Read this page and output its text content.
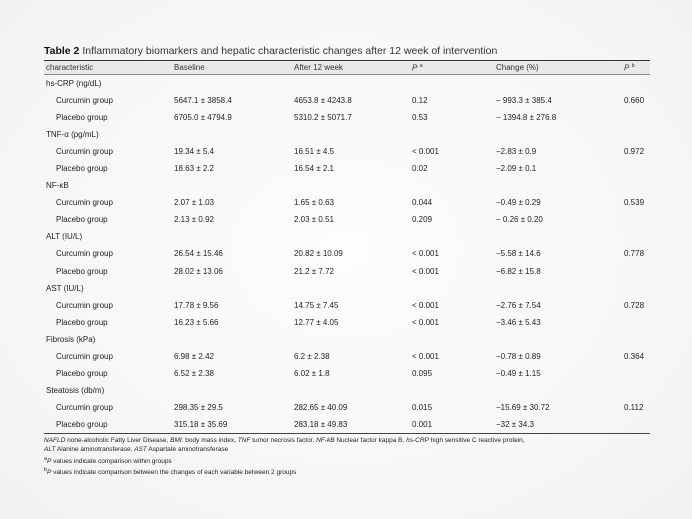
Table 2 Inflammatory biomarkers and hepatic characteristic changes after 12 week of intervention
characteristic	Baseline	After 12 week	P $^a$	Change (%)	P $^b$
hs-CRP (ng/dL)					
Curcumin group	5647.1 ± 3858.4	4653.8 ± 4243.8	0.12	− 993.3 ± 385.4	0.660
Placebo group	6705.0 ± 4794.9	5310.2 ± 5071.7	0.53	− 1394.8 ± 276.8	
TNF-α (pg/mL)					
Curcumin group	19.34 ± 5.4	16.51 ± 4.5	< 0.001	−2.83 ± 0.9	0.972
Placebo group	18.63 ± 2.2	16.54 ± 2.1	0.02	−2.09 ± 0.1	
NF-κB					
Curcumin group	2.07 ± 1.03	1.65 ± 0.63	0.044	−0.49 ± 0.29	0.539
Placebo group	2.13 ± 0.92	2.03 ± 0.51	0.209	− 0.26 ± 0.20	
ALT (IU/L)					
Curcumin group	26.54 ± 15.46	20.82 ± 10.09	< 0.001	−5.58 ± 14.6	0.778
Placebo group	28.02 ± 13.06	21.2 ± 7.72	< 0.001	−6.82 ± 15.8	
AST (IU/L)					
Curcumin group	17.78 ± 9.56	14.75 ± 7.45	< 0.001	−2.76 ± 7.54	0.728
Placebo group	16.23 ± 5.66	12.77 ± 4.05	< 0.001	−3.46 ± 5.43	
Fibrosis (kPa)					
Curcumin group	6.98 ± 2.42	6.2 ± 2.38	< 0.001	−0.78 ± 0.89	0.364
Placebo group	6.52 ± 2.38	6.02 ± 1.8	0.095	−0.49 ± 1.15	
Steatosis (db/m)					
Curcumin group	298.35 ± 29.5	282.65 ± 40.09	0.015	−15.69 ± 30.72	0.112
Placebo group	315.18 ± 35.69	283.18 ± 49.83	0.001	−32 ± 34.3	
NAFLD none-alcoholic Fatty Liver Disease, BMI: body mass index, TNF tumor necrosis factor, NF-kB Nuclear factor kappa B, hs-CRP high sensitive C reactive protein,
ALT Alanine aminotransferase, AST Aspartate aminotransferase
$^a$P values indicate comparison within groups
$^b$P values indicate comparison between the changes of each variable between 2 groups
